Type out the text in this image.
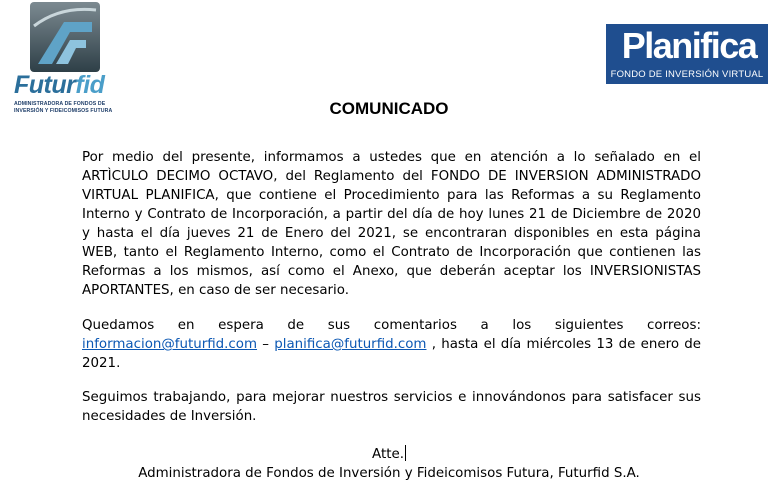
Futurfid
ADMINISTRADORA DE FONDOS DE INVERSIÓN Y FIDEICOMISOS FUTURA
Planifica
FONDO DE INVERSIÓN VIRTUAL
COMUNICADO
Por medio del presente, informamos a ustedes que en atención a lo señalado en el ARTÌCULO DECIMO OCTAVO, del Reglamento del FONDO DE INVERSION ADMINISTRADO VIRTUAL PLANIFICA, que contiene el Procedimiento para las Reformas a su Reglamento Interno y Contrato de Incorporación, a partir del día de hoy lunes 21 de Diciembre de 2020 y hasta el día jueves 21 de Enero del 2021, se encontraran disponibles en esta página WEB, tanto el Reglamento Interno, como el Contrato de Incorporación que contienen las Reformas a los mismos, así como el Anexo, que deberán aceptar los INVERSIONISTAS APORTANTES, en caso de ser necesario.
Quedamos en espera de sus comentarios a los siguientes correos: informacion@futurfid.com – planifica@futurfid.com , hasta el día miércoles 13 de enero de 2021.
Seguimos trabajando, para mejorar nuestros servicios e innovándonos para satisfacer sus necesidades de Inversión.
Atte.
Administradora de Fondos de Inversión y Fideicomisos Futura, Futurfid S.A.
